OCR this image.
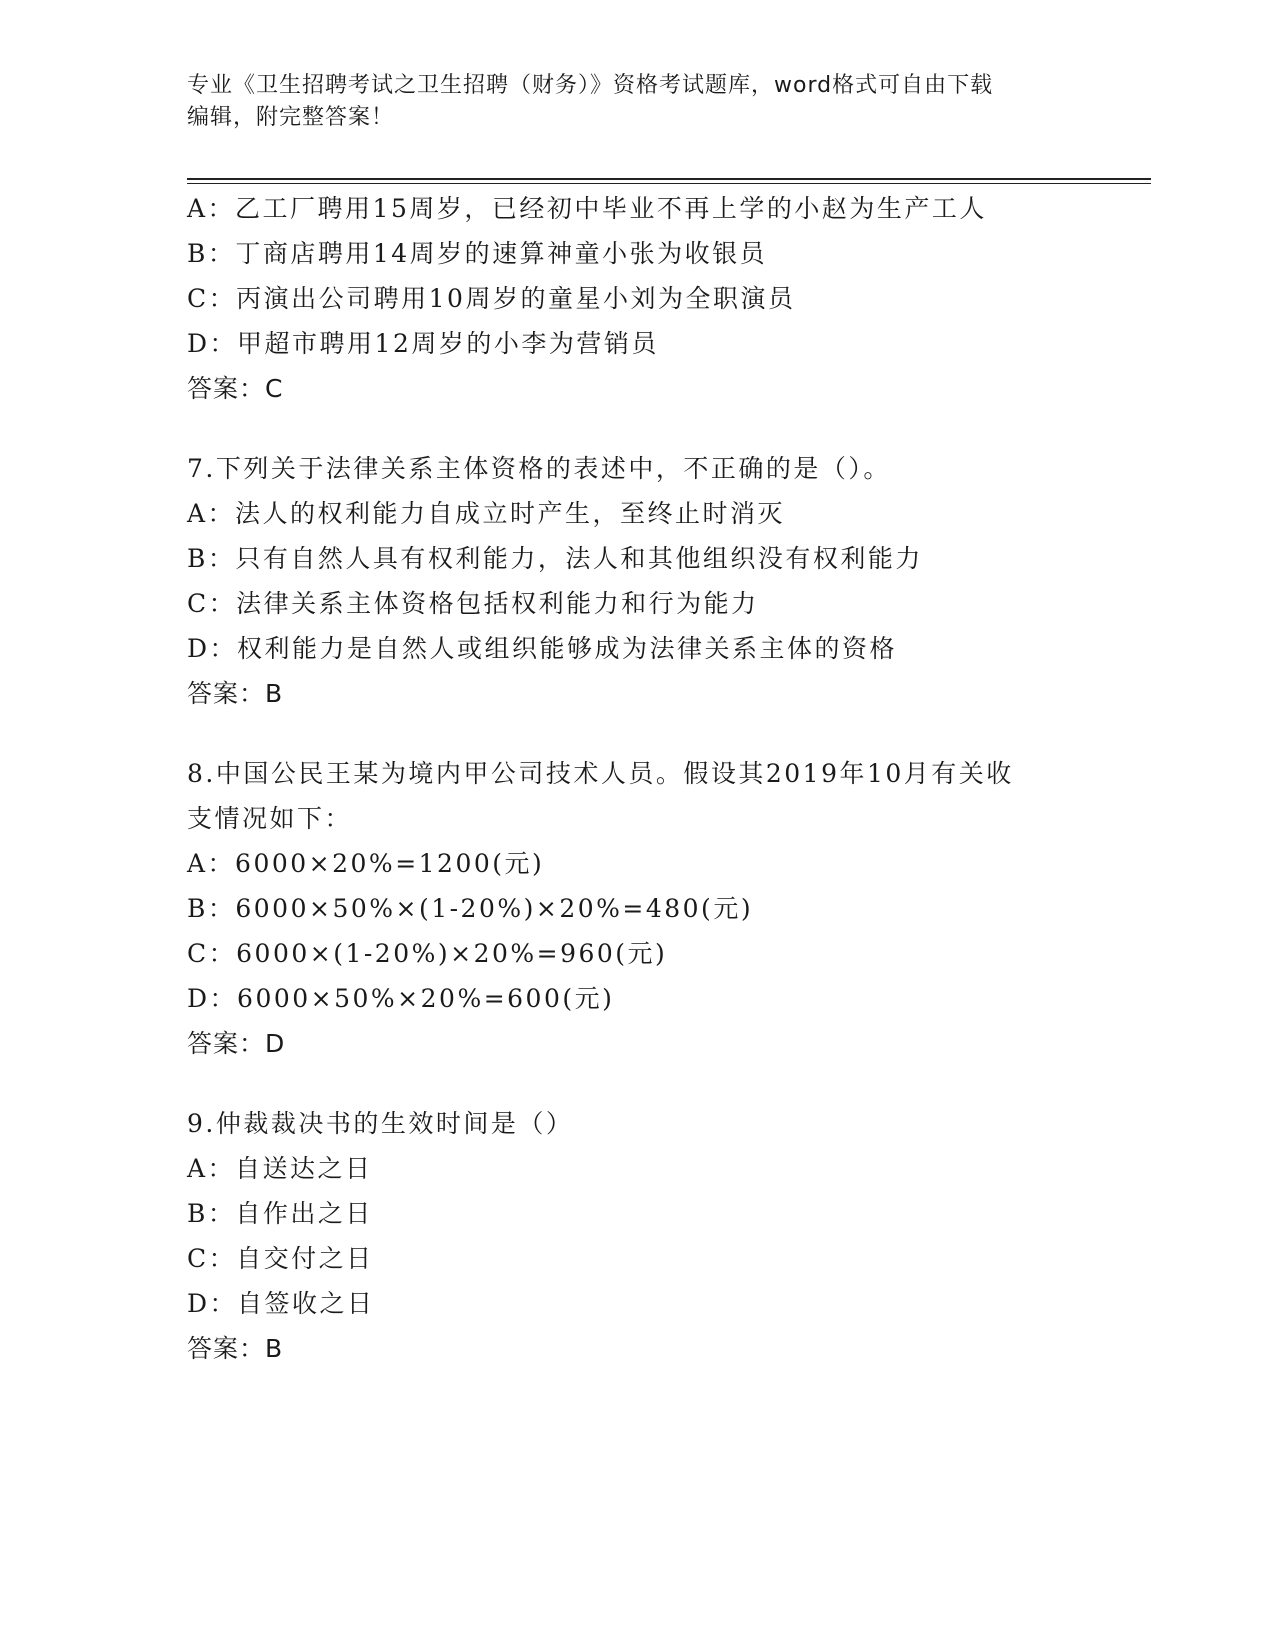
专业《卫生招聘考试之卫生招聘（财务）》资格考试题库，word格式可自由下载
编辑，附完整答案！
A：乙工厂聘用15周岁，已经初中毕业不再上学的小赵为生产工人
B：丁商店聘用14周岁的速算神童小张为收银员
C：丙演出公司聘用10周岁的童星小刘为全职演员
D：甲超市聘用12周岁的小李为营销员
答案：C
7.下列关于法律关系主体资格的表述中，不正确的是（）。
A：法人的权利能力自成立时产生，至终止时消灭
B：只有自然人具有权利能力，法人和其他组织没有权利能力
C：法律关系主体资格包括权利能力和行为能力
D：权利能力是自然人或组织能够成为法律关系主体的资格
答案：B
8.中国公民王某为境内甲公司技术人员。假设其2019年10月有关收
支情况如下：
A：6000×20%=1200(元)
B：6000×50%×(1-20%)×20%=480(元)
C：6000×(1-20%)×20%=960(元)
D：6000×50%×20%=600(元)
答案：D
9.仲裁裁决书的生效时间是（）
A：自送达之日
B：自作出之日
C：自交付之日
D：自签收之日
答案：B
